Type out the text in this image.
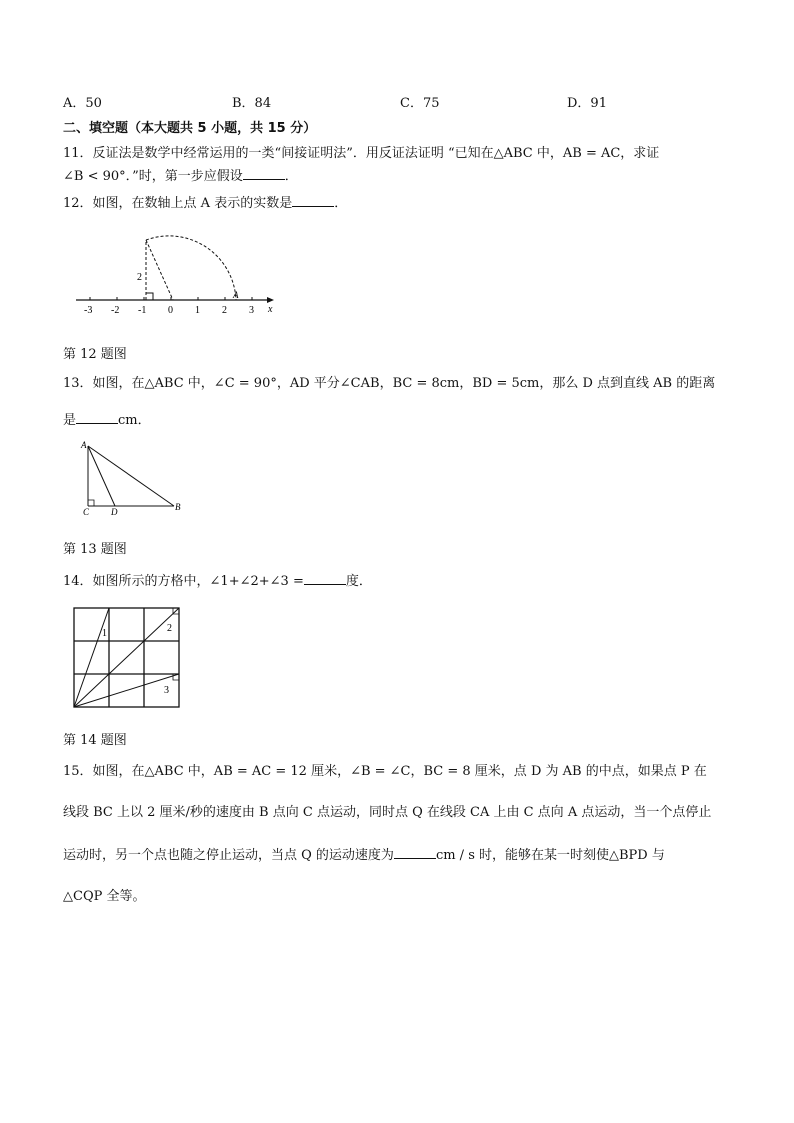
A．50	B．84	C．75	D．91
二、填空题（本大题共 5 小题，共 15 分）
11．反证法是数学中经常运用的一类“间接证明法”．用反证法证明 “已知在△ABC 中，AB = AC，求证
∠B < 90°．”时，第一步应假设	．
12．如图，在数轴上点 A 表示的实数是	．
x
-3 -2 -1 0 1 2 3
2
A
第 12 题图
13．如图，在△ABC 中，∠C = 90°，AD 平分∠CAB，BC = 8cm，BD = 5cm，那么 D 点到直线 AB 的距离
是	cm．
A
B
C D
第 13 题图
14．如图所示的方格中，∠1+∠2+∠3 =	度．
1	2
3
第 14 题图
15．如图，在△ABC 中，AB = AC = 12 厘米，∠B = ∠C，BC = 8 厘米，点 D 为 AB 的中点，如果点 P 在
线段 BC 上以 2 厘米/秒的速度由 B 点向 C 点运动，同时点 Q 在线段 CA 上由 C 点向 A 点运动，当一个点停止
运动时，另一个点也随之停止运动，当点 Q 的运动速度为	cm / s 时，能够在某一时刻使△BPD 与
△CQP 全等。
